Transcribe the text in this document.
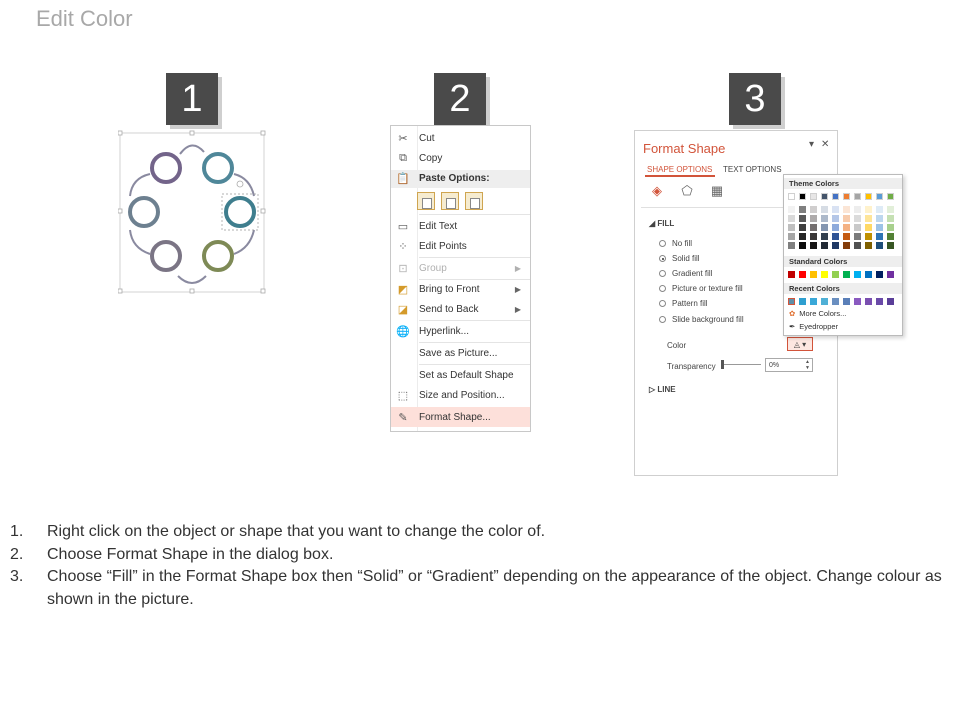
Edit Color
1	2	3
✂ Cut
⧉	Copy
📋 Paste Options:
▭ Edit Text
⁘ Edit Points
⊡ Group	▶
◩ Bring to Front	▶
◪ Send to Back	▶
🌐 Hyperlink...
Save as Picture...
Set as Default Shape
⬚ Size and Position...
✎ Format Shape...
Format Shape	▾ ✕
SHAPE OPTIONS TEXT OPTIONS
◈ ⬠ ▦
◢ FILL
No fill
Solid fill
Gradient fill
Picture or texture fill
Pattern fill
Slide background fill
Color	◬ ▾
Transparency	0%	▲
▼
▷ LINE
Theme Colors
Standard Colors
Recent Colors
✿ More Colors...
✒ Eyedropper
1. Right click on the object or shape that you want to change the color of.
2. Choose Format Shape in the dialog box.
3. Choose “Fill” in the Format Shape box then “Solid” or “Gradient” depending on the appearance of the object. Change colour as shown in the picture.
